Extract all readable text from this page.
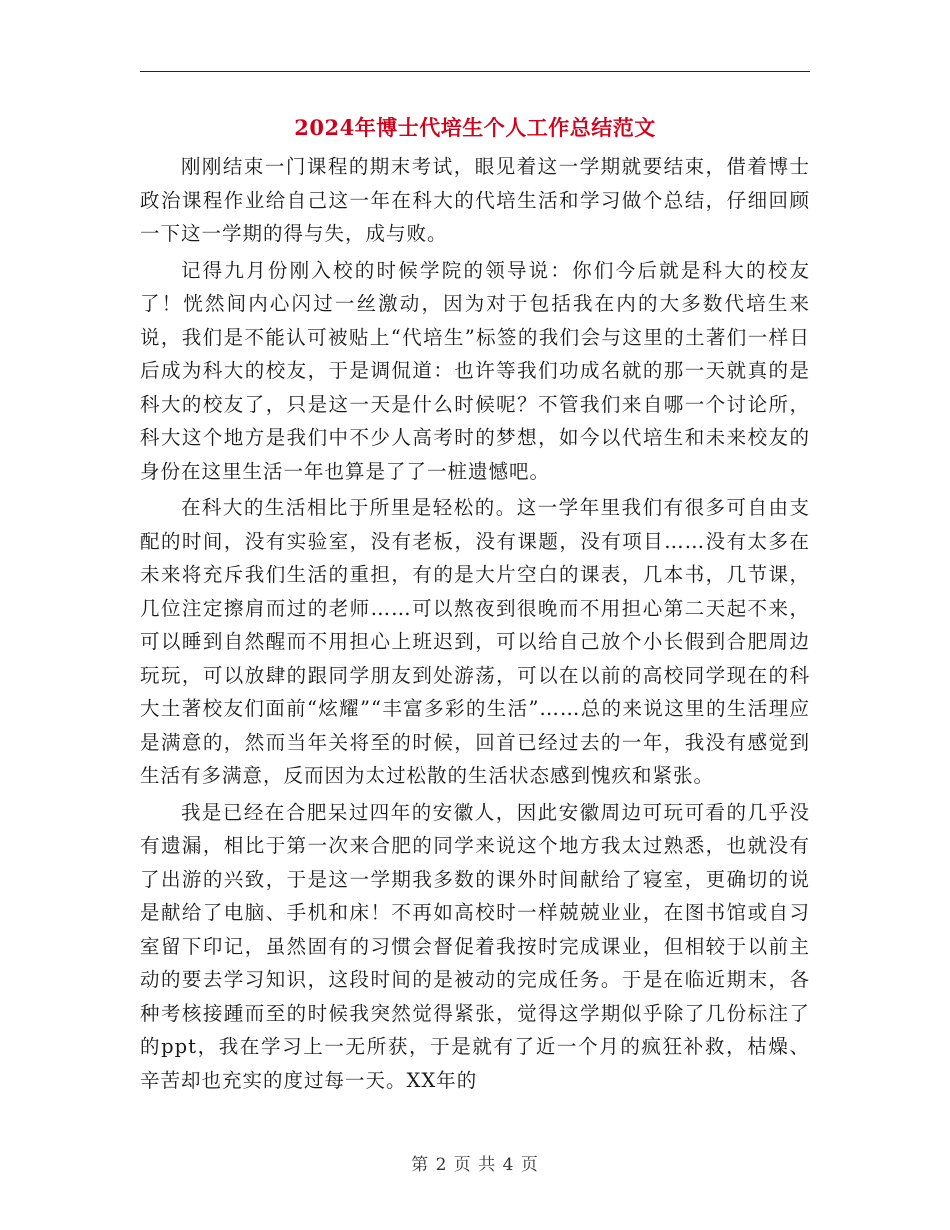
2024年博士代培生个人工作总结范文

刚刚结束一门课程的期末考试，眼见着这一学期就要结束，借着博士政治课程作业给自己这一年在科大的代培生活和学习做个总结，仔细回顾一下这一学期的得与失，成与败。

记得九月份刚入校的时候学院的领导说：你们今后就是科大的校友了！恍然间内心闪过一丝激动，因为对于包括我在内的大多数代培生来说，我们是不能认可被贴上“代培生”标签的我们会与这里的土著们一样日后成为科大的校友，于是调侃道：也许等我们功成名就的那一天就真的是科大的校友了，只是这一天是什么时候呢？不管我们来自哪一个讨论所，科大这个地方是我们中不少人高考时的梦想，如今以代培生和未来校友的身份在这里生活一年也算是了了一桩遗憾吧。

在科大的生活相比于所里是轻松的。这一学年里我们有很多可自由支配的时间，没有实验室，没有老板，没有课题，没有项目……没有太多在未来将充斥我们生活的重担，有的是大片空白的课表，几本书，几节课，几位注定擦肩而过的老师……可以熬夜到很晚而不用担心第二天起不来，可以睡到自然醒而不用担心上班迟到，可以给自己放个小长假到合肥周边玩玩，可以放肆的跟同学朋友到处游荡，可以在以前的高校同学现在的科大土著校友们面前“炫耀”“丰富多彩的生活”……总的来说这里的生活理应是满意的，然而当年关将至的时候，回首已经过去的一年，我没有感觉到生活有多满意，反而因为太过松散的生活状态感到愧疚和紧张。

我是已经在合肥呆过四年的安徽人，因此安徽周边可玩可看的几乎没有遗漏，相比于第一次来合肥的同学来说这个地方我太过熟悉，也就没有了出游的兴致，于是这一学期我多数的课外时间献给了寝室，更确切的说是献给了电脑、手机和床！不再如高校时一样兢兢业业，在图书馆或自习室留下印记，虽然固有的习惯会督促着我按时完成课业，但相较于以前主动的要去学习知识，这段时间的是被动的完成任务。于是在临近期末，各种考核接踵而至的时候我突然觉得紧张，觉得这学期似乎除了几份标注了的ppt，我在学习上一无所获，于是就有了近一个月的疯狂补救，枯燥、辛苦却也充实的度过每一天。XX年的

第 2 页 共 4 页
